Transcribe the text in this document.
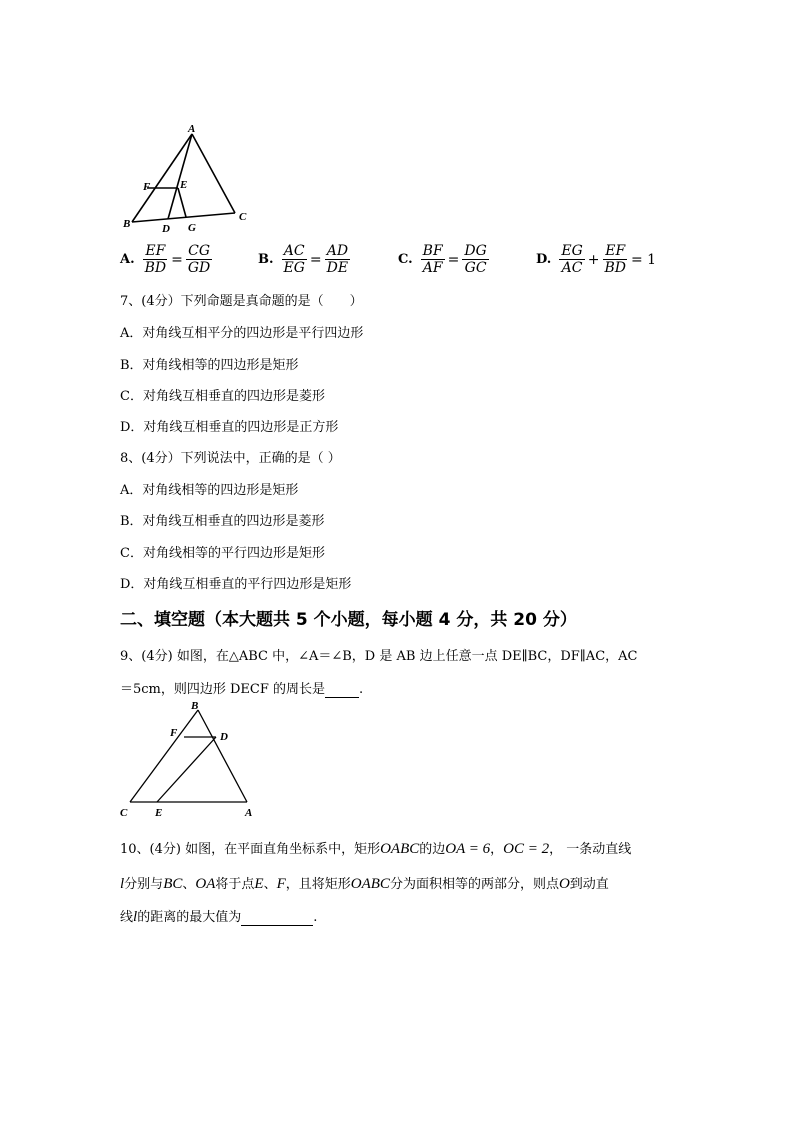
A
B
C
D
E
F
G
A. $\frac{EF}{BD} = \frac{CG}{GD}$	B. $\frac{AC}{EG} = \frac{AD}{DE}$	C. $\frac{BF}{AF} = \frac{DG}{GC}$	D. $\frac{EG}{AC} + \frac{EF}{BD} = 1$
7、(4分）下列命题是真命题的是（　　）
A．对角线互相平分的四边形是平行四边形
B．对角线相等的四边形是矩形
C．对角线互相垂直的四边形是菱形
D．对角线互相垂直的四边形是正方形
8、(4分）下列说法中，正确的是（ ）
A．对角线相等的四边形是矩形
B．对角线互相垂直的四边形是菱形
C．对角线相等的平行四边形是矩形
D．对角线互相垂直的平行四边形是矩形
二、填空题（本大题共 5 个小题，每小题 4 分，共 20 分）
9、(4分) 如图，在△ABC 中，∠A＝∠B，D 是 AB 边上任意一点 DE∥BC，DF∥AC，AC
＝5cm，则四边形 DECF 的周长是	.
B
F	D
C	E	A
10、(4分) 如图，在平面直角坐标系中，矩形OABC的边OA = 6，OC = 2， 一条动直线
l分别与BC、OA将于点E、F，且将矩形OABC分为面积相等的两部分，则点O到动直
线l的距离的最大值为	.
